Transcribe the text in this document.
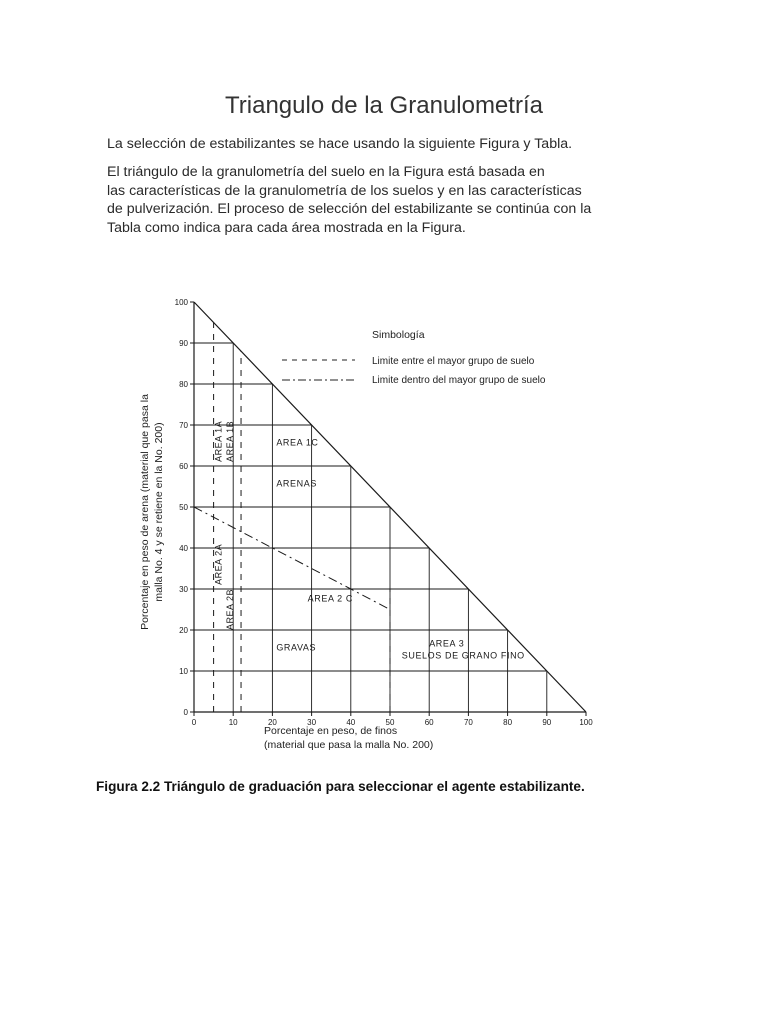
Triangulo de la Granulometría

La selección de estabilizantes se hace usando la siguiente Figura y Tabla.

El triángulo de la granulometría del suelo en la Figura está basada en
las características de la granulometría de los suelos y en las características
de pulverización. El proceso de selección del estabilizante se continúa con la
Tabla como indica para cada área mostrada en la Figura.

0
10
20
30
40
50
60
70
80
90
100
0	10	20	30	40	50	60	70	80	90	100
AREA 1A AREA 1B	AREA 1C
ARENAS
AREA 2A
AREA 2B	AREA 2 C
GRAVAS	AREA 3
SUELOS DE GRANO FINO
Simbología
Limite entre el mayor grupo de suelo
Limite dentro del mayor grupo de suelo
Porcentaje en peso de arena (material que pasa la malla No. 4 y se retiene en la No. 200)
Porcentaje en peso, de finos
(material que pasa la malla No. 200)

Figura 2.2 Triángulo de graduación para seleccionar el agente estabilizante.
